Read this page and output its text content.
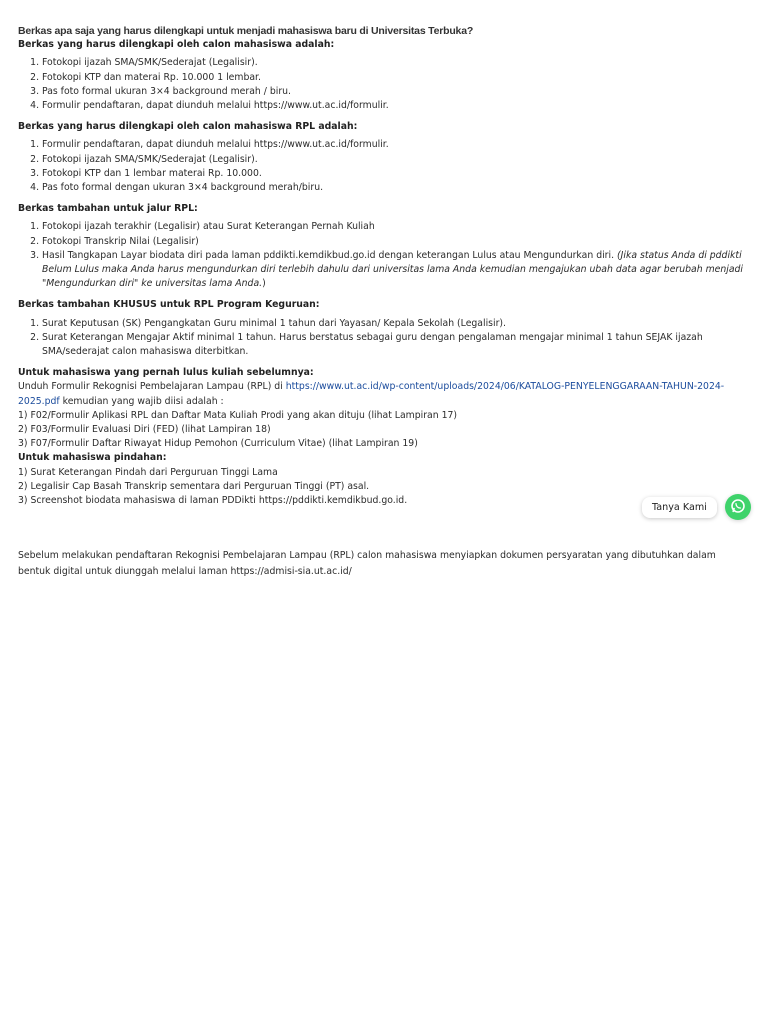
Berkas apa saja yang harus dilengkapi untuk menjadi mahasiswa baru di Universitas Terbuka?
Berkas yang harus dilengkapi oleh calon mahasiswa adalah:
1. Fotokopi ijazah SMA/SMK/Sederajat (Legalisir).
2. Fotokopi KTP dan materai Rp. 10.000 1 lembar.
3. Pas foto formal ukuran 3×4 background merah / biru.
4. Formulir pendaftaran, dapat diunduh melalui https://www.ut.ac.id/formulir.
Berkas yang harus dilengkapi oleh calon mahasiswa RPL adalah:
1. Formulir pendaftaran, dapat diunduh melalui https://www.ut.ac.id/formulir.
2. Fotokopi ijazah SMA/SMK/Sederajat (Legalisir).
3. Fotokopi KTP dan 1 lembar materai Rp. 10.000.
4. Pas foto formal dengan ukuran 3×4 background merah/biru.
Berkas tambahan untuk jalur RPL:
1. Fotokopi ijazah terakhir (Legalisir) atau Surat Keterangan Pernah Kuliah
2. Fotokopi Transkrip Nilai (Legalisir)
3. Hasil Tangkapan Layar biodata diri pada laman pddikti.kemdikbud.go.id dengan keterangan Lulus atau Mengundurkan diri. (Jika status Anda di pddikti Belum Lulus maka Anda harus mengundurkan diri terlebih dahulu dari universitas lama Anda kemudian mengajukan ubah data agar berubah menjadi "Mengundurkan diri" ke universitas lama Anda.)
Berkas tambahan KHUSUS untuk RPL Program Keguruan:
1. Surat Keputusan (SK) Pengangkatan Guru minimal 1 tahun dari Yayasan/ Kepala Sekolah (Legalisir).
2. Surat Keterangan Mengajar Aktif minimal 1 tahun. Harus berstatus sebagai guru dengan pengalaman mengajar minimal 1 tahun SEJAK ijazah SMA/sederajat calon mahasiswa diterbitkan.
Untuk mahasiswa yang pernah lulus kuliah sebelumnya:
Unduh Formulir Rekognisi Pembelajaran Lampau (RPL) di https://www.ut.ac.id/wp-content/uploads/2024/06/KATALOG-PENYELENGGARAAN-TAHUN-2024-2025.pdf kemudian yang wajib diisi adalah :
1) F02/Formulir Aplikasi RPL dan Daftar Mata Kuliah Prodi yang akan dituju (lihat Lampiran 17)
2) F03/Formulir Evaluasi Diri (FED) (lihat Lampiran 18)
3) F07/Formulir Daftar Riwayat Hidup Pemohon (Curriculum Vitae) (lihat Lampiran 19)
Untuk mahasiswa pindahan:
1) Surat Keterangan Pindah dari Perguruan Tinggi Lama
2) Legalisir Cap Basah Transkrip sementara dari Perguruan Tinggi (PT) asal.
3) Screenshot biodata mahasiswa di laman PDDikti https://pddikti.kemdikbud.go.id.
Sebelum melakukan pendaftaran Rekognisi Pembelajaran Lampau (RPL) calon mahasiswa menyiapkan dokumen persyaratan yang dibutuhkan dalam bentuk digital untuk diunggah melalui laman https://admisi-sia.ut.ac.id/
Tanya Kami
